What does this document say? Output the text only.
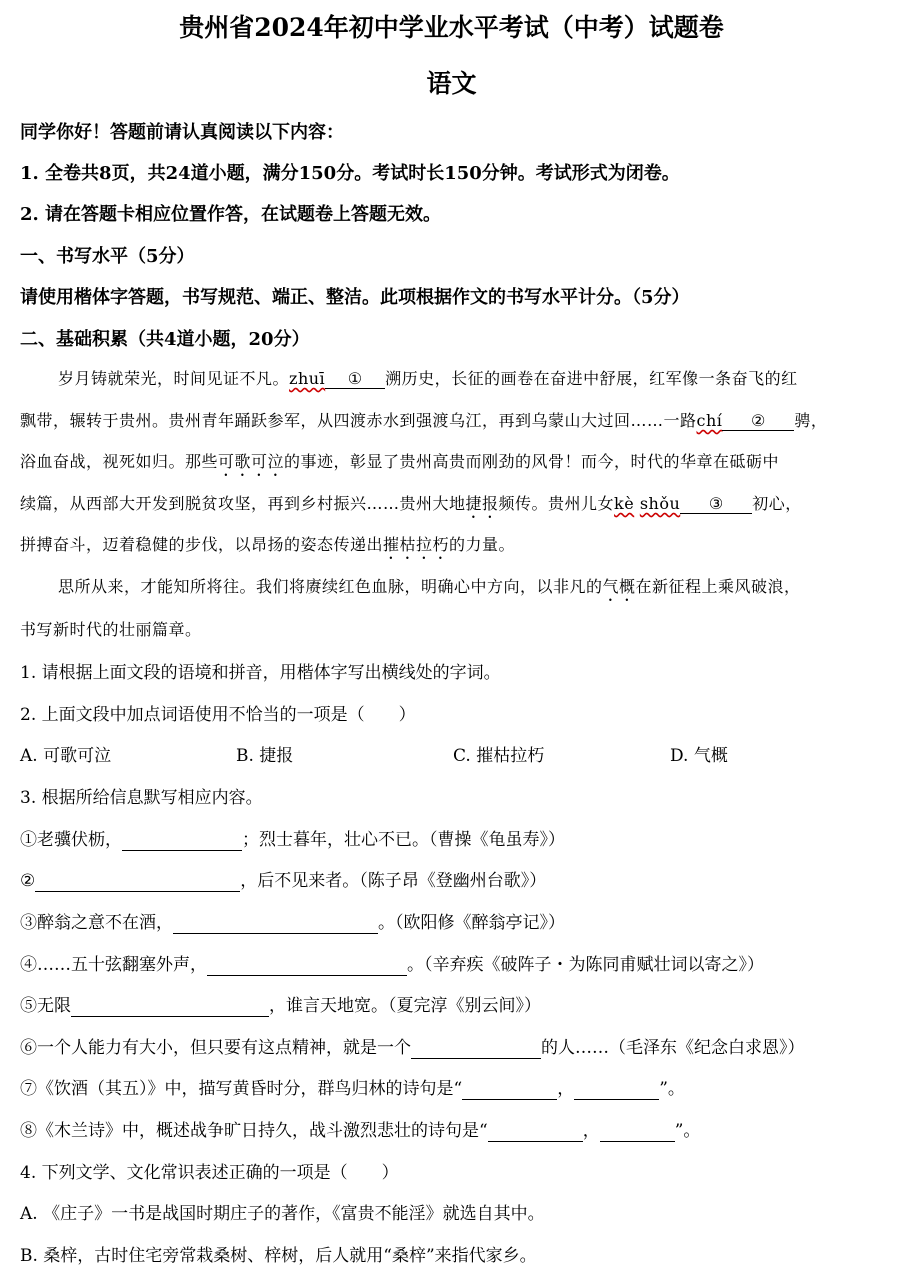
贵州省2024年初中学业水平考试（中考）试题卷
语文
同学你好！答题前请认真阅读以下内容：
1. 全卷共8页，共24道小题，满分150分。考试时长150分钟。考试形式为闭卷。
2. 请在答题卡相应位置作答，在试题卷上答题无效。
一、书写水平（5分）
请使用楷体字答题，书写规范、端正、整洁。此项根据作文的书写水平计分。（5分）
二、基础积累（共4道小题，20分）
岁月铸就荣光，时间见证不凡。zhuī ① 溯历史，长征的画卷在奋进中舒展，红军像一条奋飞的红
飘带，辗转于贵州。贵州青年踊跃参军，从四渡赤水到强渡乌江，再到乌蒙山大过回……一路chí ② 骋，
浴血奋战，视死如归。那些可歌可泣的事迹，彰显了贵州高贵而刚劲的风骨！而今，时代的华章在砥砺中
续篇，从西部大开发到脱贫攻坚，再到乡村振兴……贵州大地捷报频传。贵州儿女kè shǒu ③ 初心，
拼搏奋斗，迈着稳健的步伐，以昂扬的姿态传递出摧枯拉朽的力量。
思所从来，才能知所将往。我们将赓续红色血脉，明确心中方向，以非凡的气概在新征程上乘风破浪，
书写新时代的壮丽篇章。
1. 请根据上面文段的语境和拼音，用楷体字写出横线处的字词。
2. 上面文段中加点词语使用不恰当的一项是（　　）
A. 可歌可泣	B. 捷报	C. 摧枯拉朽	D. 气概
3. 根据所给信息默写相应内容。
①老骥伏枥，	；烈士暮年，壮心不已。（曹操《龟虽寿》）
②	，后不见来者。（陈子昂《登幽州台歌》）
③醉翁之意不在酒，	。（欧阳修《醉翁亭记》）
④……五十弦翻塞外声，	。（辛弃疾《破阵子・为陈同甫赋壮词以寄之》）
⑤无限	，谁言天地宽。（夏完淳《别云间》）
⑥一个人能力有大小，但只要有这点精神，就是一个	的人……（毛泽东《纪念白求恩》）
⑦《饮酒（其五）》中，描写黄昏时分，群鸟归林的诗句是“	，	”。
⑧《木兰诗》中，概述战争旷日持久，战斗激烈悲壮的诗句是“	，	”。
4. 下列文学、文化常识表述正确的一项是（　　）
A. 《庄子》一书是战国时期庄子的著作，《富贵不能淫》就选自其中。
B. 桑梓，古时住宅旁常栽桑树、梓树，后人就用“桑梓”来指代家乡。
